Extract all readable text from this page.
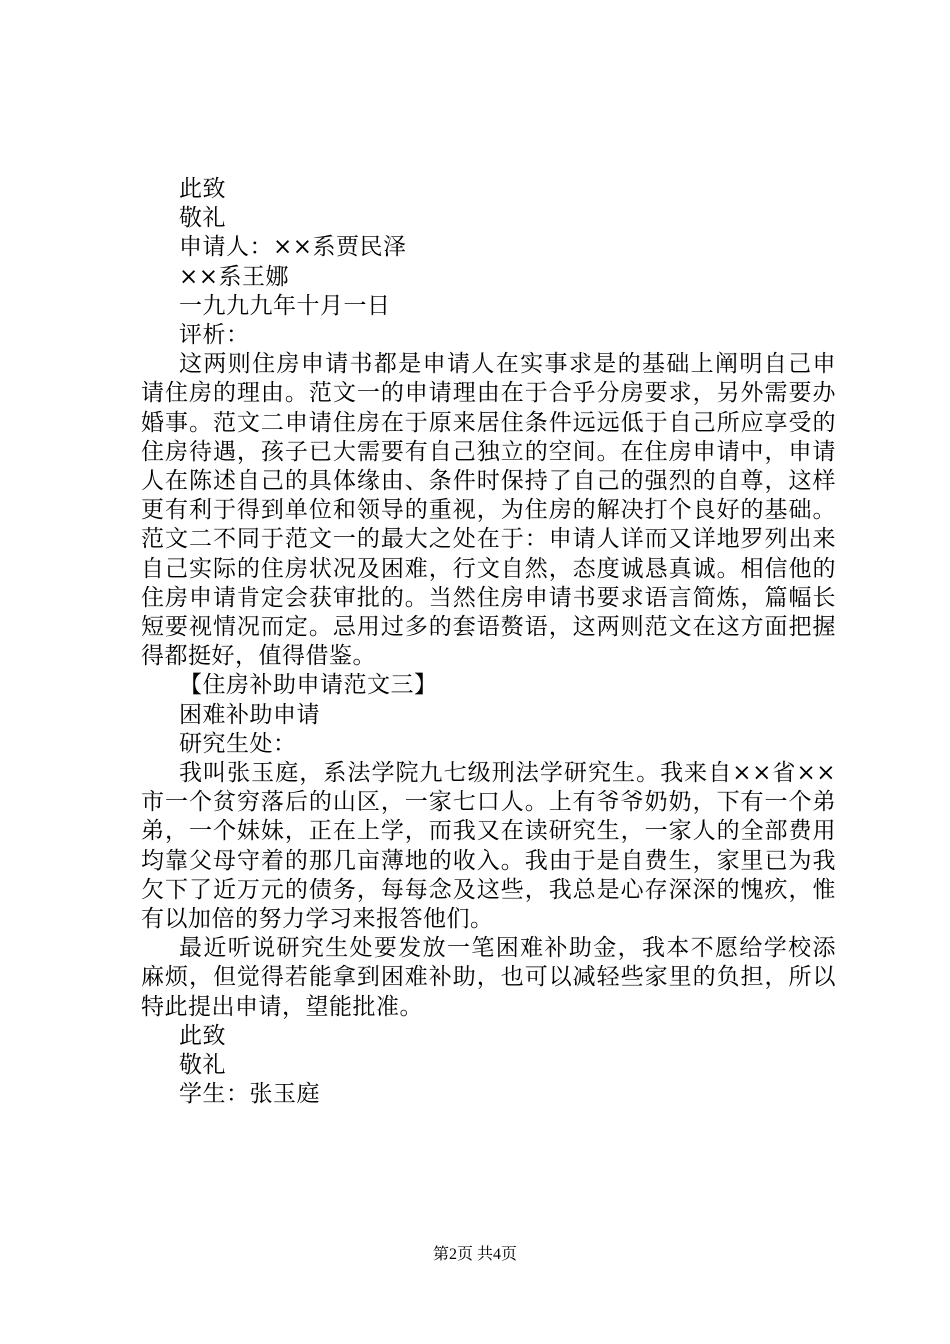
此致

敬礼

申请人：××系贾民泽

××系王娜

一九九九年十月一日

评析：

这两则住房申请书都是申请人在实事求是的基础上阐明自己申请住房的理由。范文一的申请理由在于合乎分房要求，另外需要办婚事。范文二申请住房在于原来居住条件远远低于自己所应享受的住房待遇，孩子已大需要有自己独立的空间。在住房申请中，申请人在陈述自己的具体缘由、条件时保持了自己的强烈的自尊，这样更有利于得到单位和领导的重视，为住房的解决打个良好的基础。范文二不同于范文一的最大之处在于：申请人详而又详地罗列出来自己实际的住房状况及困难，行文自然，态度诚恳真诚。相信他的住房申请肯定会获审批的。当然住房申请书要求语言简炼，篇幅长短要视情况而定。忌用过多的套语赘语，这两则范文在这方面把握得都挺好，值得借鉴。

【住房补助申请范文三】

困难补助申请

研究生处：

我叫张玉庭，系法学院九七级刑法学研究生。我来自××省××市一个贫穷落后的山区，一家七口人。上有爷爷奶奶，下有一个弟弟，一个妹妹，正在上学，而我又在读研究生，一家人的全部费用均靠父母守着的那几亩薄地的收入。我由于是自费生，家里已为我欠下了近万元的债务，每每念及这些，我总是心存深深的愧疚，惟有以加倍的努力学习来报答他们。

最近听说研究生处要发放一笔困难补助金，我本不愿给学校添麻烦，但觉得若能拿到困难补助，也可以减轻些家里的负担，所以特此提出申请，望能批准。

此致

敬礼

学生：张玉庭

第2页 共4页
